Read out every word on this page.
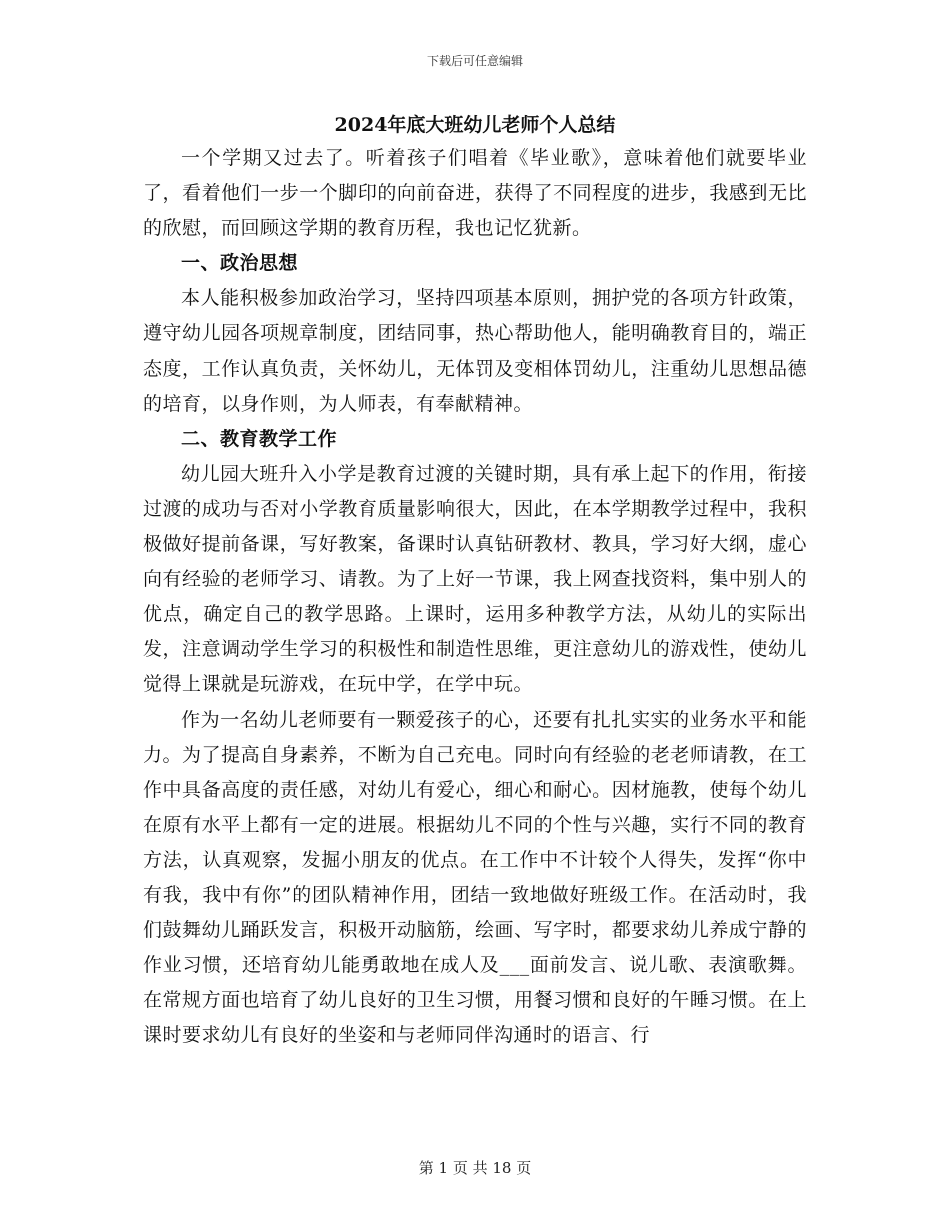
下载后可任意编辑
2024年底大班幼儿老师个人总结

一个学期又过去了。听着孩子们唱着《毕业歌》，意味着他们就要毕业了，看着他们一步一个脚印的向前奋进，获得了不同程度的进步，我感到无比的欣慰，而回顾这学期的教育历程，我也记忆犹新。

一、政治思想

本人能积极参加政治学习，坚持四项基本原则，拥护党的各项方针政策，遵守幼儿园各项规章制度，团结同事，热心帮助他人，能明确教育目的，端正态度，工作认真负责，关怀幼儿，无体罚及变相体罚幼儿，注重幼儿思想品德的培育，以身作则，为人师表，有奉献精神。

二、教育教学工作

幼儿园大班升入小学是教育过渡的关键时期，具有承上起下的作用，衔接过渡的成功与否对小学教育质量影响很大，因此，在本学期教学过程中，我积极做好提前备课，写好教案，备课时认真钻研教材、教具，学习好大纲，虚心向有经验的老师学习、请教。为了上好一节课，我上网查找资料，集中别人的优点，确定自己的教学思路。上课时，运用多种教学方法，从幼儿的实际出发，注意调动学生学习的积极性和制造性思维，更注意幼儿的游戏性，使幼儿觉得上课就是玩游戏，在玩中学，在学中玩。

作为一名幼儿老师要有一颗爱孩子的心，还要有扎扎实实的业务水平和能力。为了提高自身素养，不断为自己充电。同时向有经验的老老师请教，在工作中具备高度的责任感，对幼儿有爱心，细心和耐心。因材施教，使每个幼儿在原有水平上都有一定的进展。根据幼儿不同的个性与兴趣，实行不同的教育方法，认真观察，发掘小朋友的优点。在工作中不计较个人得失，发挥“你中有我，我中有你”的团队精神作用，团结一致地做好班级工作。在活动时，我们鼓舞幼儿踊跃发言，积极开动脑筋，绘画、写字时，都要求幼儿养成宁静的作业习惯，还培育幼儿能勇敢地在成人及___面前发言、说儿歌、表演歌舞。在常规方面也培育了幼儿良好的卫生习惯，用餐习惯和良好的午睡习惯。在上课时要求幼儿有良好的坐姿和与老师同伴沟通时的语言、行

第 1 页 共 18 页
